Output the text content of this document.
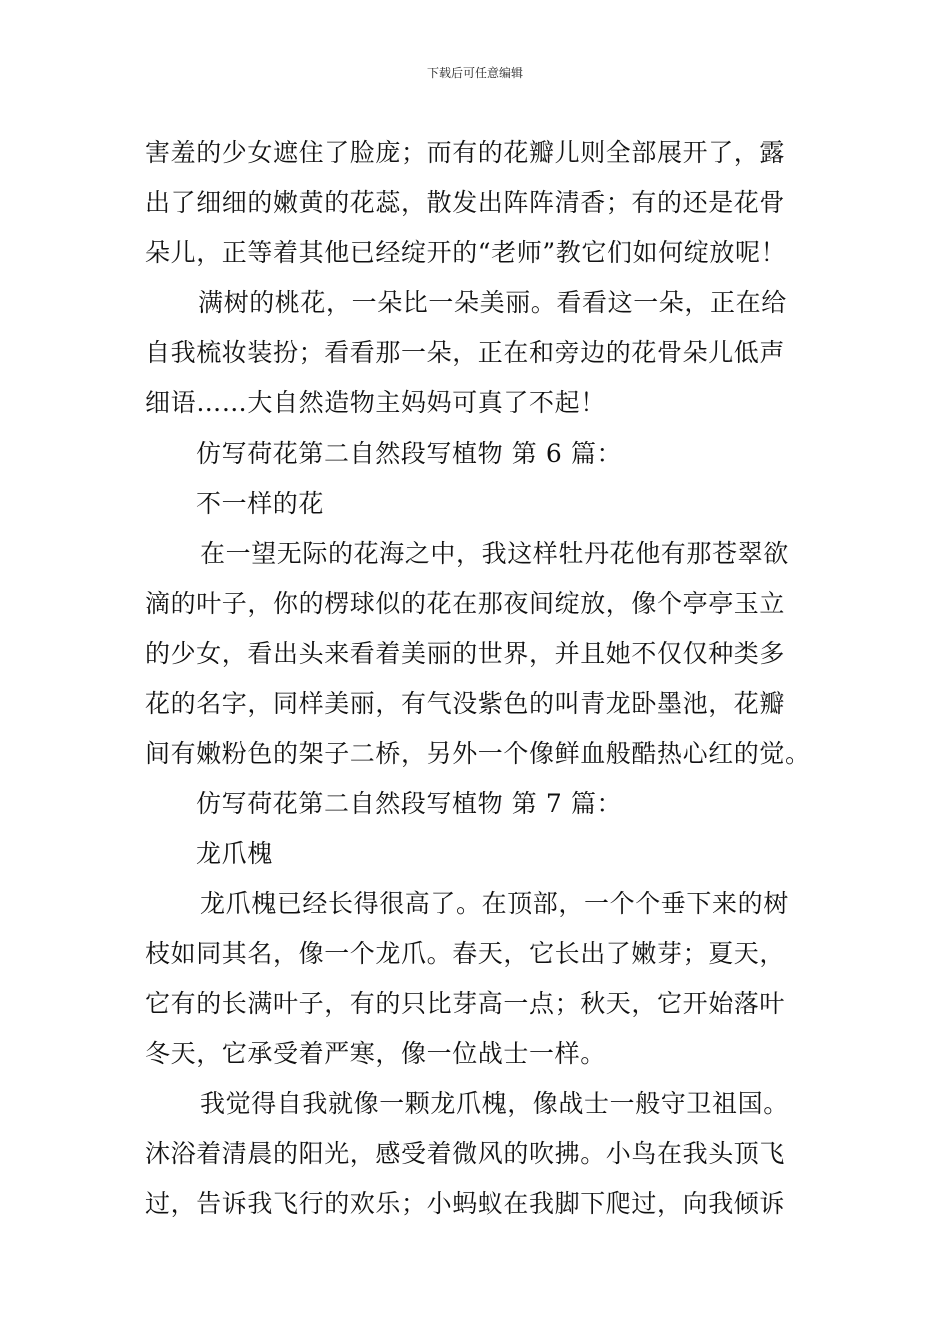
下载后可任意编辑
害羞的少女遮住了脸庞；而有的花瓣儿则全部展开了，露
出了细细的嫩黄的花蕊，散发出阵阵清香；有的还是花骨
朵儿，正等着其他已经绽开的“老师”教它们如何绽放呢！
满树的桃花，一朵比一朵美丽。看看这一朵，正在给
自我梳妆装扮；看看那一朵，正在和旁边的花骨朵儿低声
细语……大自然造物主妈妈可真了不起！
仿写荷花第二自然段写植物 第 6 篇：
不一样的花
在一望无际的花海之中，我这样牡丹花他有那苍翠欲
滴的叶子，你的楞球似的花在那夜间绽放，像个亭亭玉立
的少女，看出头来看着美丽的世界，并且她不仅仅种类多
花的名字，同样美丽，有气没紫色的叫青龙卧墨池，花瓣
间有嫩粉色的架子二桥，另外一个像鲜血般酷热心红的觉。
仿写荷花第二自然段写植物 第 7 篇：
龙爪槐
龙爪槐已经长得很高了。在顶部，一个个垂下来的树
枝如同其名，像一个龙爪。春天，它长出了嫩芽；夏天，
它有的长满叶子，有的只比芽高一点；秋天，它开始落叶
冬天，它承受着严寒，像一位战士一样。
我觉得自我就像一颗龙爪槐，像战士一般守卫祖国。
沐浴着清晨的阳光，感受着微风的吹拂。小鸟在我头顶飞
过，告诉我飞行的欢乐；小蚂蚁在我脚下爬过，向我倾诉
